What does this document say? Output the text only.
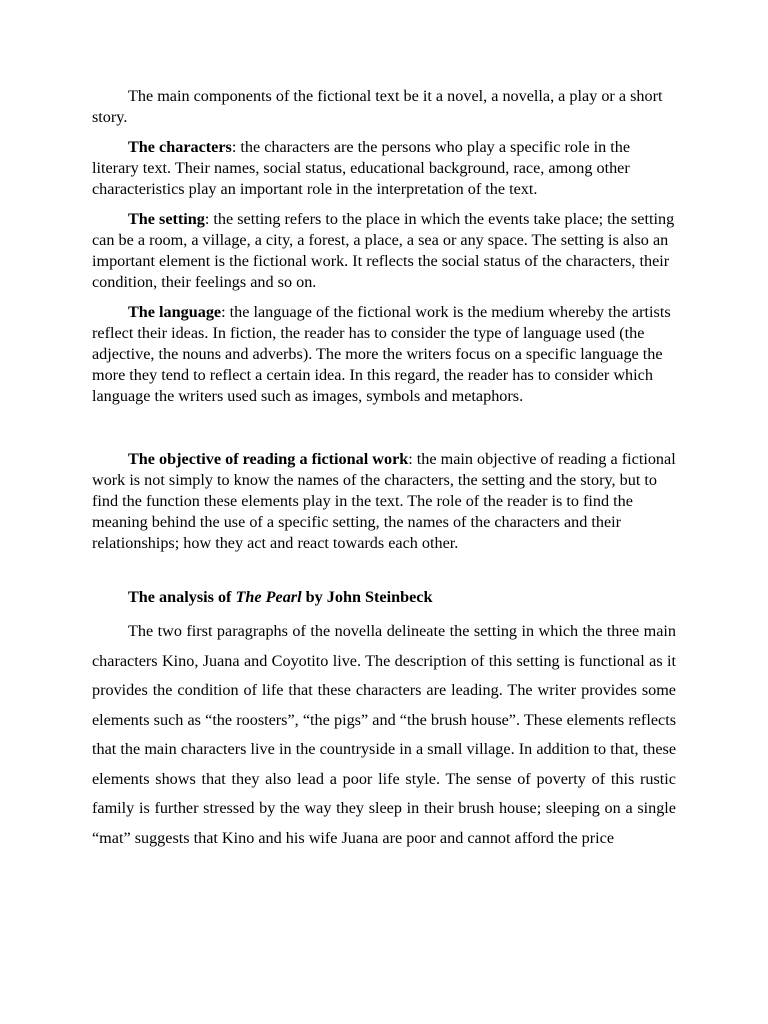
The main components of the fictional text be it a novel, a novella, a play or a short story.

The characters: the characters are the persons who play a specific role in the literary text. Their names, social status, educational background, race, among other characteristics play an important role in the interpretation of the text.

The setting: the setting refers to the place in which the events take place; the setting can be a room, a village, a city, a forest, a place, a sea or any space. The setting is also an important element is the fictional work. It reflects the social status of the characters, their condition, their feelings and so on.

The language: the language of the fictional work is the medium whereby the artists reflect their ideas. In fiction, the reader has to consider the type of language used (the adjective, the nouns and adverbs). The more the writers focus on a specific language the more they tend to reflect a certain idea. In this regard, the reader has to consider which language the writers used such as images, symbols and metaphors.

The objective of reading a fictional work: the main objective of reading a fictional work is not simply to know the names of the characters, the setting and the story, but to find the function these elements play in the text. The role of the reader is to find the meaning behind the use of a specific setting, the names of the characters and their relationships; how they act and react towards each other.

The analysis of The Pearl by John Steinbeck

The two first paragraphs of the novella delineate the setting in which the three main characters Kino, Juana and Coyotito live. The description of this setting is functional as it provides the condition of life that these characters are leading. The writer provides some elements such as “the roosters”, “the pigs” and “the brush house”. These elements reflects that the main characters live in the countryside in a small village. In addition to that, these elements shows that they also lead a poor life style. The sense of poverty of this rustic family is further stressed by the way they sleep in their brush house; sleeping on a single “mat” suggests that Kino and his wife Juana are poor and cannot afford the price
